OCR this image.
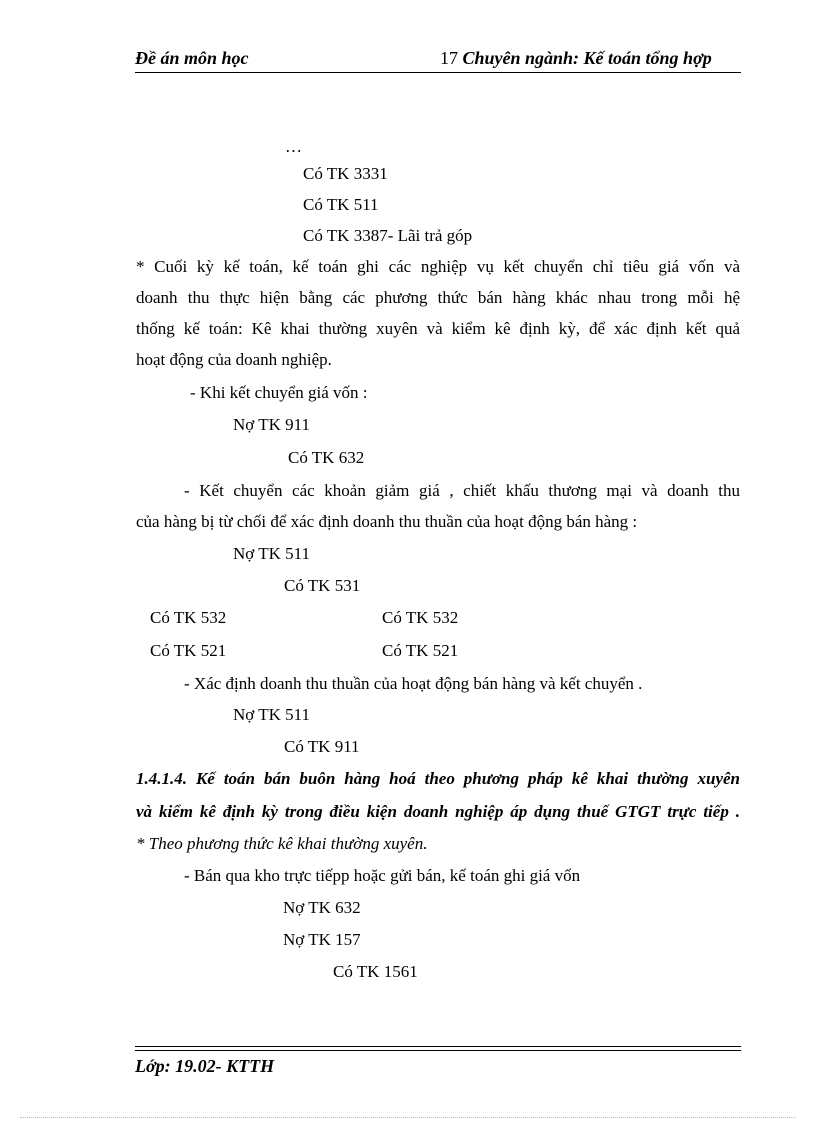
Đề án môn học	17 Chuyên ngành: Kế toán tổng hợp
…
Có TK 3331
Có TK 511
Có TK 3387- Lãi trả góp
* Cuối kỳ kế toán, kế toán ghi các nghiệp vụ kết chuyển chỉ tiêu giá vốn và
doanh thu thực hiện bằng các phương thức bán hàng khác nhau trong mỗi hệ
thống kế toán: Kê khai thường xuyên và kiểm kê định kỳ, để xác định kết quả
hoạt động của doanh nghiệp.
- Khi kết chuyển giá vốn :
Nợ TK 911
Có TK 632
- Kết chuyển các khoản giảm giá , chiết khấu thương mại và doanh thu
của hàng bị từ chối để xác định doanh thu thuần của hoạt động bán hàng :
Nợ TK 511
Có TK 531
Có TK 532	Có TK 532
Có TK 521	Có TK 521
- Xác định doanh thu thuần của hoạt động bán hàng và kết chuyển .
Nợ TK 511
Có TK 911
1.4.1.4. Kế toán bán buôn hàng hoá theo phương pháp kê khai thường xuyên
và kiểm kê định kỳ trong điều kiện doanh nghiệp áp dụng thuế GTGT trực tiếp .
* Theo phương thức kê khai thường xuyên.
- Bán qua kho trực tiếpp hoặc gửi bán, kế toán ghi giá vốn
Nợ TK 632
Nợ TK 157
Có TK 1561
Lớp: 19.02- KTTH
